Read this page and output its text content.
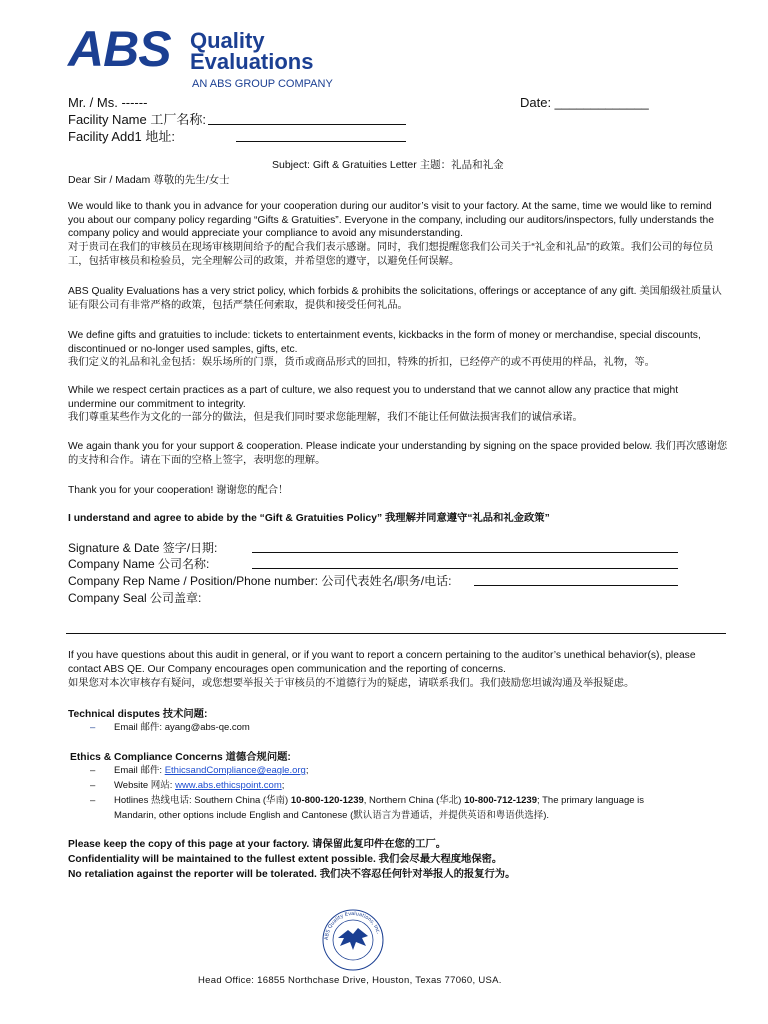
ABS Quality
Evaluations
AN ABS GROUP COMPANY
Mr. / Ms. ------	Date: _____________
Facility Name 工厂名称:
Facility Add1 地址:
Subject: Gift & Gratuities Letter 主题：礼品和礼金
Dear Sir / Madam 尊敬的先生/女士
We would like to thank you in advance for your cooperation during our auditor’s visit to your factory. At the same, time we would like to remind you about our company policy regarding “Gifts & Gratuities”. Everyone in the company, including our auditors/inspectors, fully understands the company policy and would appreciate your compliance to avoid any misunderstanding.
对于贵司在我们的审核员在现场审核期间给予的配合我们表示感谢。同时，我们想提醒您我们公司关于“礼金和礼品”的政策。我们公司的每位员工，包括审核员和检验员，完全理解公司的政策，并希望您的遵守，以避免任何误解。
ABS Quality Evaluations has a very strict policy, which forbids & prohibits the solicitations, offerings or acceptance of any gift. 美国船级社质量认证有限公司有非常严格的政策，包括严禁任何索取，提供和接受任何礼品。
We define gifts and gratuities to include: tickets to entertainment events, kickbacks in the form of money or merchandise, special discounts, discontinued or no-longer used samples, gifts, etc.
我们定义的礼品和礼金包括：娱乐场所的门票，货币或商品形式的回扣，特殊的折扣，已经停产的或不再使用的样品，礼物，等。
While we respect certain practices as a part of culture, we also request you to understand that we cannot allow any practice that might undermine our commitment to integrity.
我们尊重某些作为文化的一部分的做法，但是我们同时要求您能理解，我们不能让任何做法损害我们的诚信承诺。
We again thank you for your support & cooperation. Please indicate your understanding by signing on the space provided below. 我们再次感谢您的支持和合作。请在下面的空格上签字，表明您的理解。
Thank you for your cooperation! 谢谢您的配合！
I understand and agree to abide by the “Gift & Gratuities Policy” 我理解并同意遵守“礼品和礼金政策”
Signature & Date 签字/日期:
Company Name 公司名称:
Company Rep Name / Position/Phone number: 公司代表姓名/职务/电话:
Company Seal 公司盖章:
If you have questions about this audit in general, or if you want to report a concern pertaining to the auditor’s unethical behavior(s), please contact ABS QE. Our Company encourages open communication and the reporting of concerns.
如果您对本次审核存有疑问，或您想要举报关于审核员的不道德行为的疑虑，请联系我们。我们鼓励您坦诚沟通及举报疑虑。
Technical disputes 技术问题:
– Email 邮件: ayang@abs-qe.com
Ethics & Compliance Concerns 道德合规问题:
– Email 邮件: EthicsandCompliance@eagle.org;
– Website 网站: www.abs.ethicspoint.com;
– Hotlines 热线电话: Southern China (华南) 10-800-120-1239, Northern China (华北) 10-800-712-1239; The primary language is
Mandarin, other options include English and Cantonese (默认语言为普通话，并提供英语和粤语供选择).
Please keep the copy of this page at your factory. 请保留此复印件在您的工厂。
Confidentiality will be maintained to the fullest extent possible. 我们会尽最大程度地保密。
No retaliation against the reporter will be tolerated. 我们决不容忍任何针对举报人的报复行为。
ABS Quality Evaluations, Inc.
Head Office: 16855 Northchase Drive, Houston, Texas 77060, USA.
